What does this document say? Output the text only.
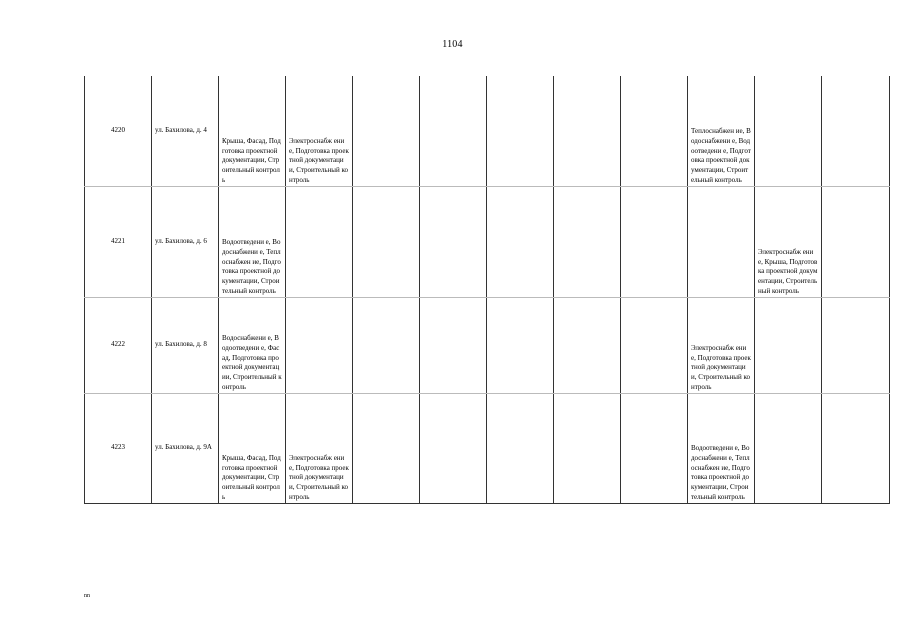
1104
4220	ул. Бахилова, д. 4	Крыша, Фасад, Подготовка проектной документации, Строительный контроль	Электроснабж ение, Подготовка проектной документации, Строительный контроль						Теплоснабжен ие, Водоснабжени е, Водоотведени е, Подготовка проектной документации, Строительный контроль		

4221	ул. Бахилова, д. 6	Водоотведени е, Водоснабжени е, Теплоснабжен ие, Подготовка проектной документации, Строительный контроль								Электроснабж ение, Крыша, Подготовка проектной документации, Строительный контроль	

4222	ул. Бахилова, д. 8	Водоснабжени е, Водоотведени е, Фасад, Подготовка проектной документации, Строительный контроль							Электроснабж ение, Подготовка проектной документации, Строительный контроль		

4223	ул. Бахилова, д. 9А	Крыша, Фасад, Подготовка проектной документации, Строительный контроль	Электроснабж ение, Подготовка проектной документации, Строительный контроль						Водоотведени е, Водоснабжени е, Теплоснабжен ие, Подготовка проектной документации, Строительный контроль		

nn
